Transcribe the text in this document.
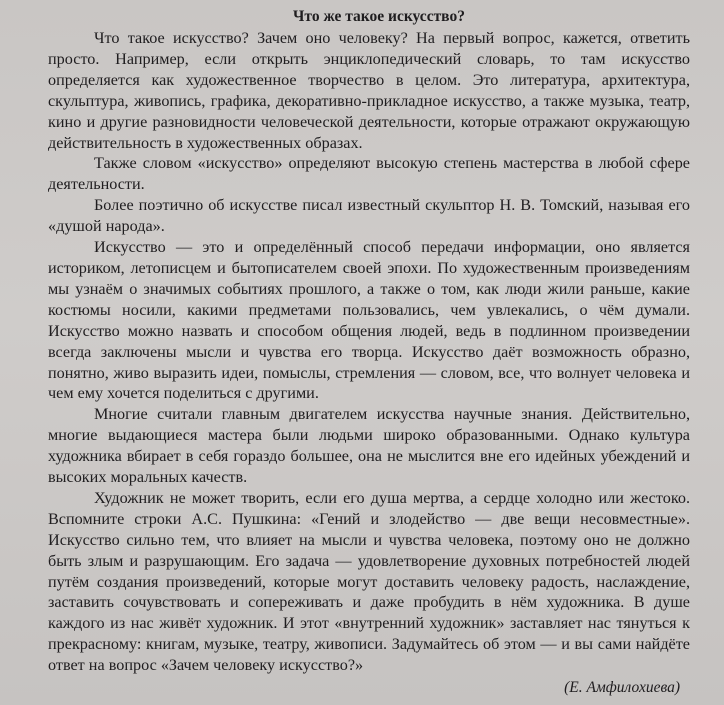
Что же такое искусство?

Что такое искусство? Зачем оно человеку? На первый вопрос, кажется, ответить просто. Например, если открыть энциклопедический словарь, то там искусство определяется как художественное творчество в целом. Это литература, архитектура, скульптура, живопись, графика, декоративно-прикладное искусство, а также музыка, театр, кино и другие разновидности человеческой деятельности, которые отражают окружающую действительность в художественных образах.

Также словом «искусство» определяют высокую степень мастерства в любой сфере деятельности.

Более поэтично об искусстве писал известный скульптор Н. В. Томский, называя его «душой народа».

Искусство — это и определённый способ передачи информации, оно является историком, летописцем и бытописателем своей эпохи. По художественным произведениям мы узнаём о значимых событиях прошлого, а также о том, как люди жили раньше, какие костюмы носили, какими предметами пользовались, чем увлекались, о чём думали. Искусство можно назвать и способом общения людей, ведь в подлинном произведении всегда заключены мысли и чувства его творца. Искусство даёт возможность образно, понятно, живо выразить идеи, помыслы, стремления — словом, все, что волнует человека и чем ему хочется поделиться с другими.

Многие считали главным двигателем искусства научные знания. Действительно, многие выдающиеся мастера были людьми широко образованными. Однако культура художника вбирает в себя гораздо большее, она не мыслится вне его идейных убеждений и высоких моральных качеств.

Художник не может творить, если его душа мертва, а сердце холодно или жестоко. Вспомните строки А.С. Пушкина: «Гений и злодейство — две вещи несовместные». Искусство сильно тем, что влияет на мысли и чувства человека, поэтому оно не должно быть злым и разрушающим. Его задача — удовлетворение духовных потребностей людей путём создания произведений, которые могут доставить человеку радость, наслаждение, заставить сочувствовать и сопереживать и даже пробудить в нём художника. В душе каждого из нас живёт художник. И этот «внутренний художник» заставляет нас тянуться к прекрасному: книгам, музыке, театру, живописи. Задумайтесь об этом — и вы сами найдёте ответ на вопрос «Зачем человеку искусство?»

(Е. Амфилохиева)
